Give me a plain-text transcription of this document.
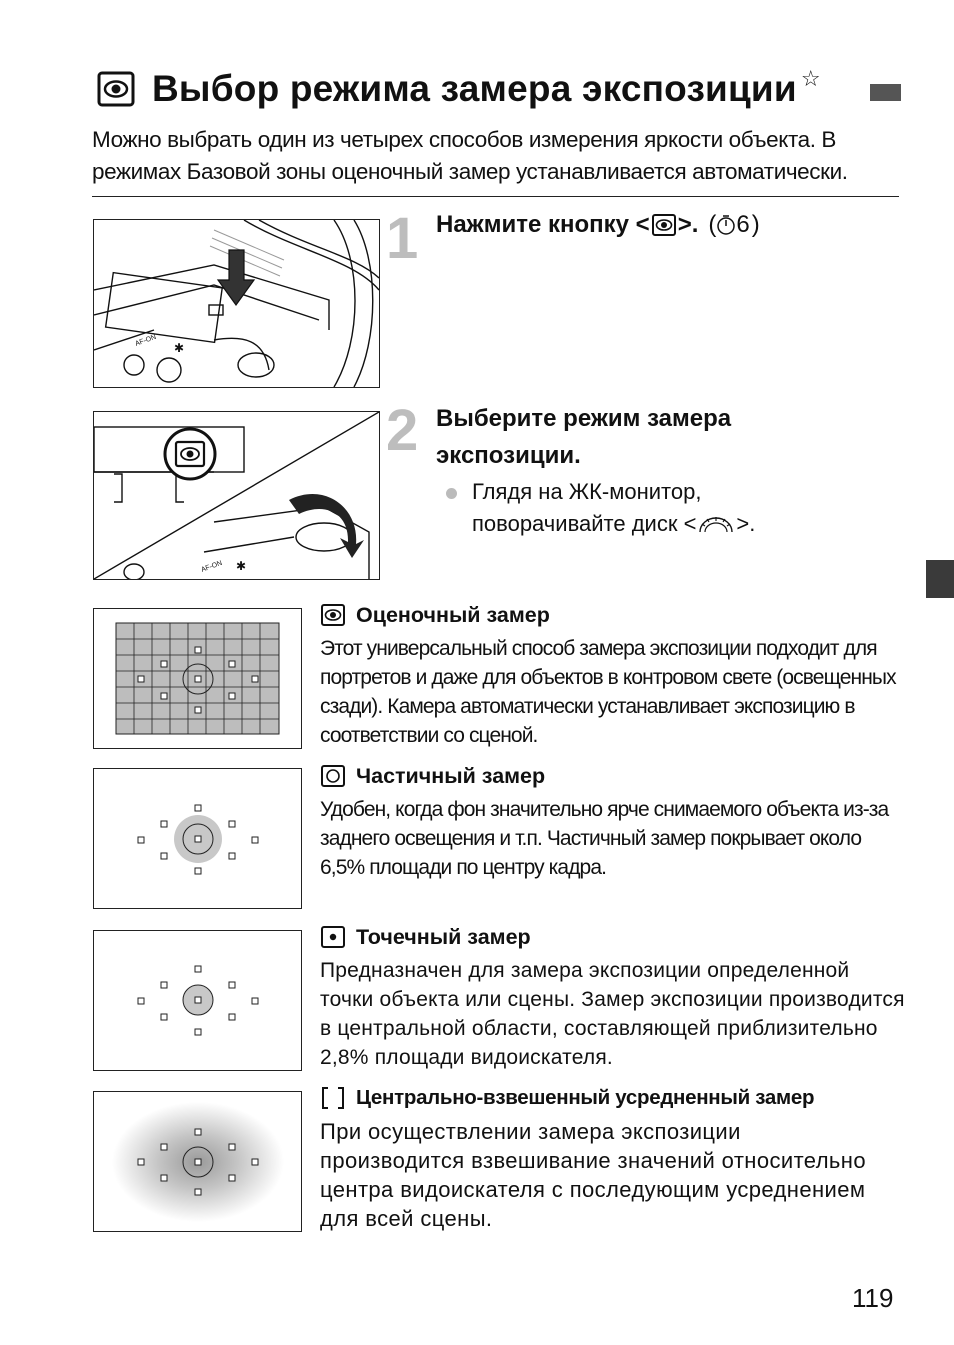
Выбор режима замера экспозиции ☆
Можно выбрать один из четырех способов измерения яркости объекта. В режимах Базовой зоны оценочный замер устанавливается автоматически.
AF-ON
✱
1 Нажмите кнопку < >. ( 6 )
AF-ON ✱
2 Выберите режим замера экспозиции.
Глядя на ЖК-монитор,
поворачивайте диск < >.
Оценочный замер
Этот универсальный способ замера экспозиции подходит для портретов и даже для объектов в контровом свете (освещенных сзади). Камера автоматически устанавливает экспозицию в соответствии со сценой.
Частичный замер
Удобен, когда фон значительно ярче снимаемого объекта из-за заднего освещения и т.п. Частичный замер покрывает около 6,5% площади по центру кадра.
Точечный замер
Предназначен для замера экспозиции определенной точки объекта или сцены. Замер экспозиции производится в центральной области, составляющей приблизительно 2,8% площади видоискателя.
Центрально-взвешенный усредненный замер
При осуществлении замера экспозиции производится взвешивание значений относительно центра видоискателя с последующим усреднением для всей сцены.
119
